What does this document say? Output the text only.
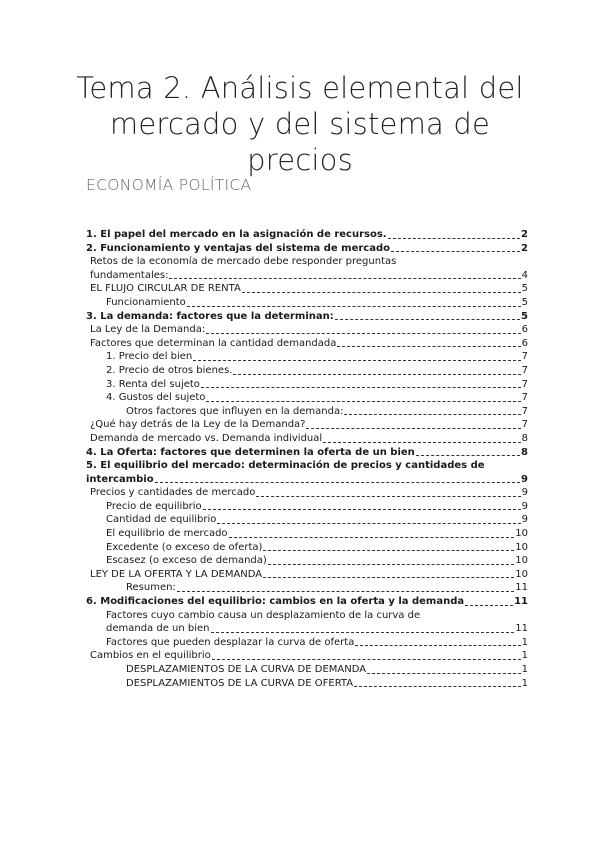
Tema 2. Análisis elemental del mercado y del sistema de precios
ECONOMÍA POLÍTICA
1. El papel del mercado en la asignación de recursos.	2
2. Funcionamiento y ventajas del sistema de mercado	2
Retos de la economía de mercado debe responder preguntas
fundamentales:	4
EL FLUJO CIRCULAR DE RENTA	5
Funcionamiento	5
3. La demanda: factores que la determinan:	5
La Ley de la Demanda:	6
Factores que determinan la cantidad demandada	6
1. Precio del bien	7
2. Precio de otros bienes.	7
3. Renta del sujeto	7
4. Gustos del sujeto	7
Otros factores que influyen en la demanda:	7
¿Qué hay detrás de la Ley de la Demanda?	7
Demanda de mercado vs. Demanda individual	8
4. La Oferta: factores que determinen la oferta de un bien	8
5. El equilibrio del mercado: determinación de precios y cantidades de
intercambio	9
Precios y cantidades de mercado	9
Precio de equilibrio	9
Cantidad de equilibrio	9
El equilibrio de mercado	10
Excedente (o exceso de oferta)	10
Escasez (o exceso de demanda)	10
LEY DE LA OFERTA Y LA DEMANDA	10
Resumen:	11
6. Modificaciones del equilibrio: cambios en la oferta y la demanda	11
Factores cuyo cambio causa un desplazamiento de la curva de
demanda de un bien	11
Factores que pueden desplazar la curva de oferta	1
Cambios en el equilibrio	1
DESPLAZAMIENTOS DE LA CURVA DE DEMANDA	1
DESPLAZAMIENTOS DE LA CURVA DE OFERTA	1
